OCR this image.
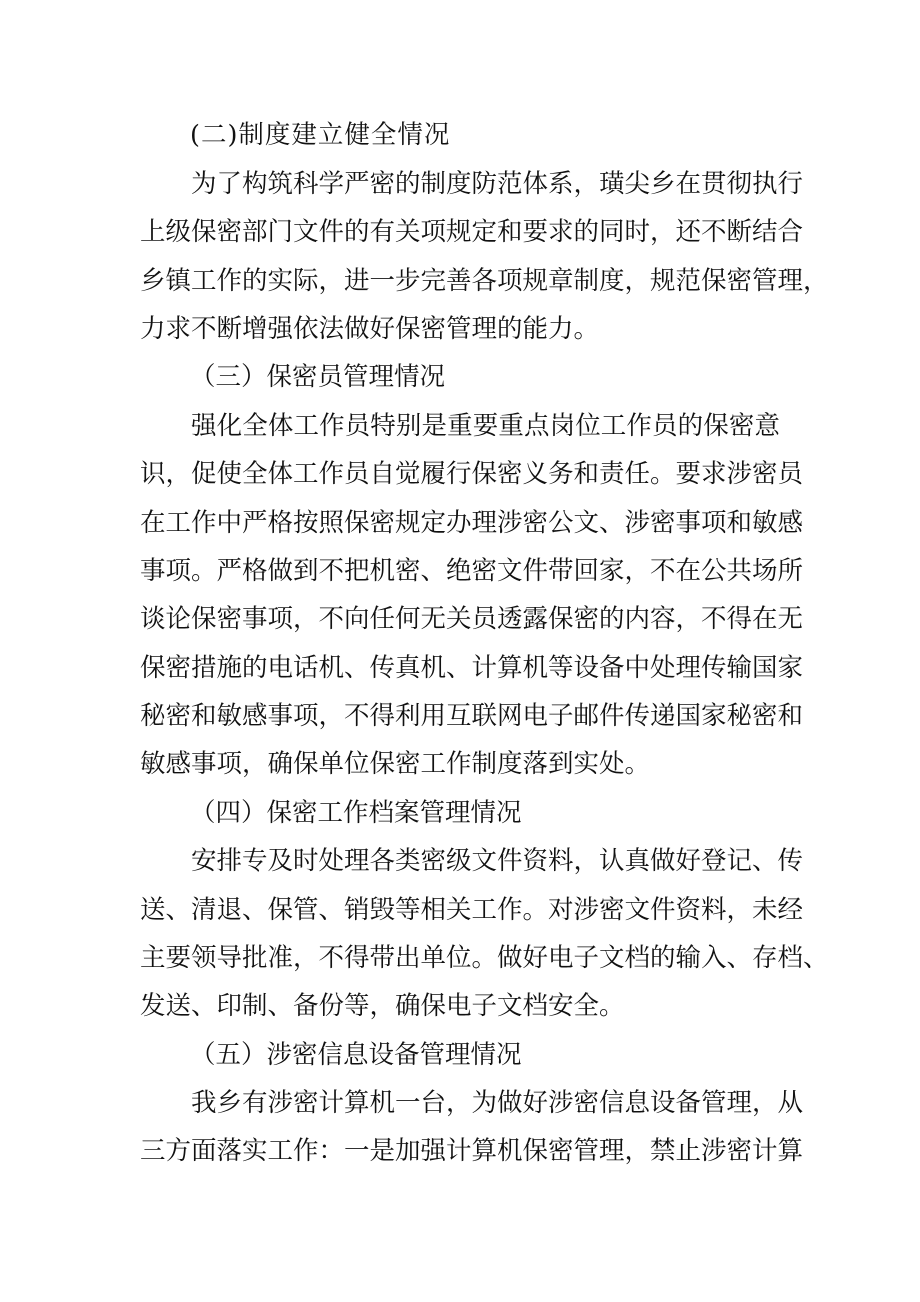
(二)制度建立健全情况
为了构筑科学严密的制度防范体系，璜尖乡在贯彻执行
上级保密部门文件的有关项规定和要求的同时，还不断结合
乡镇工作的实际，进一步完善各项规章制度，规范保密管理，
力求不断增强依法做好保密管理的能力。
（三）保密员管理情况
强化全体工作员特别是重要重点岗位工作员的保密意
识，促使全体工作员自觉履行保密义务和责任。要求涉密员
在工作中严格按照保密规定办理涉密公文、涉密事项和敏感
事项。严格做到不把机密、绝密文件带回家，不在公共场所
谈论保密事项，不向任何无关员透露保密的内容，不得在无
保密措施的电话机、传真机、计算机等设备中处理传输国家
秘密和敏感事项，不得利用互联网电子邮件传递国家秘密和
敏感事项，确保单位保密工作制度落到实处。
（四）保密工作档案管理情况
安排专及时处理各类密级文件资料，认真做好登记、传
送、清退、保管、销毁等相关工作。对涉密文件资料，未经
主要领导批准，不得带出单位。做好电子文档的输入、存档、
发送、印制、备份等，确保电子文档安全。
（五）涉密信息设备管理情况
我乡有涉密计算机一台，为做好涉密信息设备管理，从
三方面落实工作：一是加强计算机保密管理，禁止涉密计算
